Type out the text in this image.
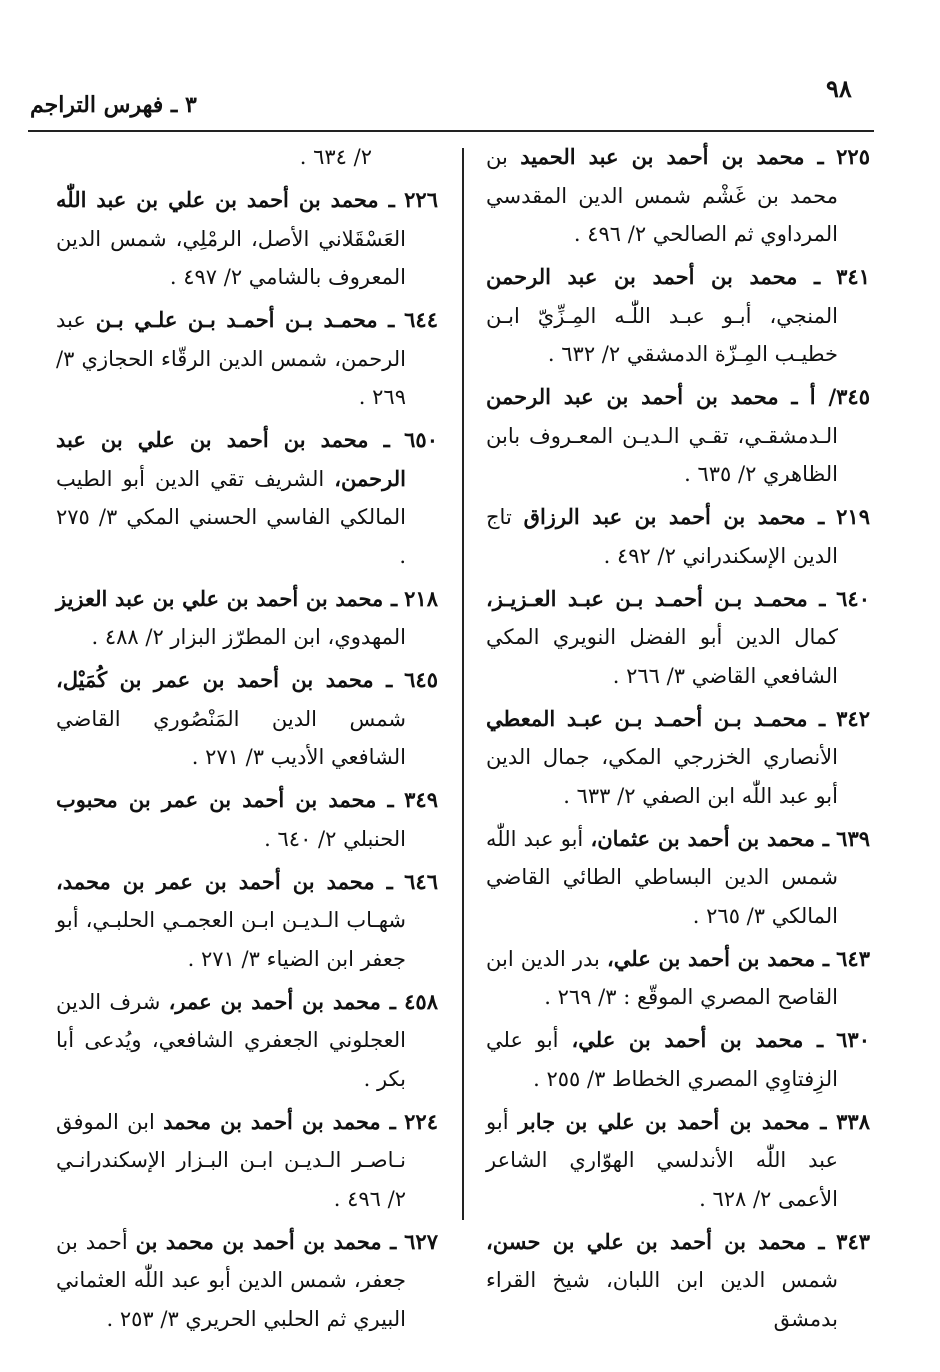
٩٨
٣ ـ فهرس التراجم

٢٢٥ ـ محمد بن أحمد بن عبد الحميد بن محمد بن غَشْم شمس الدين المقدسي المرداوي ثم الصالحي ٢/ ٤٩٦ .

٣٤١ ـ محمد بن أحمد بن عبد الرحمن المنجي، أبـو عبـد اللّٰـه المِـزِّيّ ابـن خطيـب المِـزّة الدمشقي ٢/ ٦٣٢ .

٣٤٥/ أ ـ محمد بن أحمد بن عبد الرحمن الـدمشقـي، تقـي الـديـن المعـروف بابن الظاهري ٢/ ٦٣٥ .

٢١٩ ـ محمد بن أحمد بن عبد الرزاق تاج الدين الإسكندراني ٢/ ٤٩٢ .

٦٤٠ ـ محمـد بـن أحمـد بـن عبـد العـزيـز، كمال الدين أبو الفضل النويري المكي الشافعي القاضي ٣/ ٢٦٦ .

٣٤٢ ـ محمـد بـن أحمـد بـن عبـد المعطي الأنصاري الخزرجي المكي، جمال الدين أبو عبد اللّٰه ابن الصفي ٢/ ٦٣٣ .

٦٣٩ ـ محمد بن أحمد بن عثمان، أبو عبد اللّٰه شمس الدين البساطي الطائي القاضي المالكي ٣/ ٢٦٥ .

٦٤٣ ـ محمد بن أحمد بن علي، بدر الدين ابن القاصح المصري الموقّع : ٣/ ٢٦٩ .

٦٣٠ ـ محمد بن أحمد بن علي، أبو علي الزِفتاوِي المصري الخطاط ٣/ ٢٥٥ .

٣٣٨ ـ محمد بن أحمد بن علي بن جابر أبو عبد اللّٰه الأندلسي الهوّاري الشاعر الأعمى ٢/ ٦٢٨ .

٣٤٣ ـ محمد بن أحمد بن علي بن حسن، شمس الدين ابن اللبان، شيخ القراء بدمشق

٢/ ٦٣٤ .

٢٢٦ ـ محمد بن أحمد بن علي بن عبد اللّٰه العَسْقَلاني الأصل، الرمْلِي، شمس الدين المعروف بالشامي ٢/ ٤٩٧ .

٦٤٤ ـ محمـد بـن أحمـد بـن علـي بـن عبد الرحمن، شمس الدين الرقّاء الحجازي ٣/ ٢٦٩ .

٦٥٠ ـ محمد بن أحمد بن علي بن عبد الرحمن، الشريف تقي الدين أبو الطيب المالكي الفاسي الحسني المكي ٣/ ٢٧٥ .

٢١٨ ـ محمد بن أحمد بن علي بن عبد العزيز المهدوي، ابن المطرّز البزار ٢/ ٤٨٨ .

٦٤٥ ـ محمد بن أحمد بن عمر بن كُمَيْل، شمس الدين المَنْصُوري القاضي الشافعي الأديب ٣/ ٢٧١ .

٣٤٩ ـ محمد بن أحمد بن عمر بن محبوب الحنبلي ٢/ ٦٤٠ .

٦٤٦ ـ محمد بن أحمد بن عمر بن محمد، شهـاب الـديـن ابـن العجمـي الحلبـي، أبو جعفر ابن الضياء ٣/ ٢٧١ .

٤٥٨ ـ محمد بن أحمد بن عمر، شرف الدين العجلوني الجعفري الشافعي، ويُدعى أبا بكر .

٢٢٤ ـ محمد بن أحمد بن محمد ابن الموفق نـاصـر الـديـن ابـن البـزار الإسكندرانـي ٢/ ٤٩٦ .

٦٢٧ ـ محمد بن أحمد بن محمد بن أحمد بن جعفر، شمس الدين أبو عبد اللّٰه العثماني البيري ثم الحلبي الحريري ٣/ ٢٥٣ .
